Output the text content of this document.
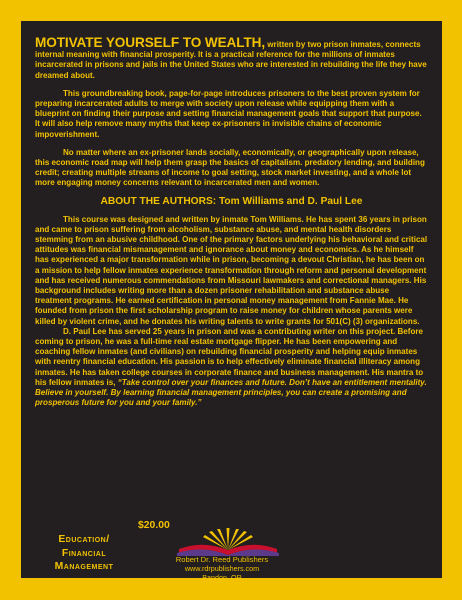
MOTIVATE YOURSELF TO WEALTH, written by two prison inmates, connects internal meaning with financial prosperity. It is a practical reference for the millions of inmates incarcerated in prisons and jails in the United States who are interested in rebuilding the life they have dreamed about.

This groundbreaking book, page-for-page introduces prisoners to the best proven system for preparing incarcerated adults to merge with society upon release while equipping them with a blueprint on finding their purpose and setting financial management goals that support that purpose. It will also help remove many myths that keep ex-prisoners in invisible chains of economic impoverishment.

No matter where an ex-prisoner lands socially, economically, or geographically upon release, this economic road map will help them grasp the basics of capitalism. predatory lending, and building credit; creating multiple streams of income to goal setting, stock market investing, and a whole lot more engaging money concerns relevant to incarcerated men and women.

ABOUT THE AUTHORS: Tom Williams and D. Paul Lee

This course was designed and written by inmate Tom Williams. He has spent 36 years in prison and came to prison suffering from alcoholism, substance abuse, and mental health disorders stemming from an abusive childhood. One of the primary factors underlying his behavioral and critical attitudes was financial mismanagement and ignorance about money and economics. As he himself has experienced a major transformation while in prison, becoming a devout Christian, he has been on a mission to help fellow inmates experience transformation through reform and personal development and has received numerous commendations from Missouri lawmakers and correctional managers. His background includes writing more than a dozen prisoner rehabilitation and substance abuse treatment programs. He earned certification in personal money management from Fannie Mae. He founded from prison the first scholarship program to raise money for children whose parents were killed by violent crime, and he donates his writing talents to write grants for 501(C) (3) organizations.

D. Paul Lee has served 25 years in prison and was a contributing writer on this project. Before coming to prison, he was a full-time real estate mortgage flipper. He has been empowering and coaching fellow inmates (and civilians) on rebuilding financial prosperity and helping equip inmates with reentry financial education. His passion is to help effectively eliminate financial illiteracy among inmates. He has taken college courses in corporate finance and business management. His mantra to his fellow inmates is, “Take control over your finances and future. Don’t have an entitlement mentality. Believe in yourself. By learning financial management principles, you can create a promising and prosperous future for you and your family.”

Education/
Financial
Management
$20.00
Robert Dr. Reed Publishers
www.rdrpublishers.com
Bandon, OR
